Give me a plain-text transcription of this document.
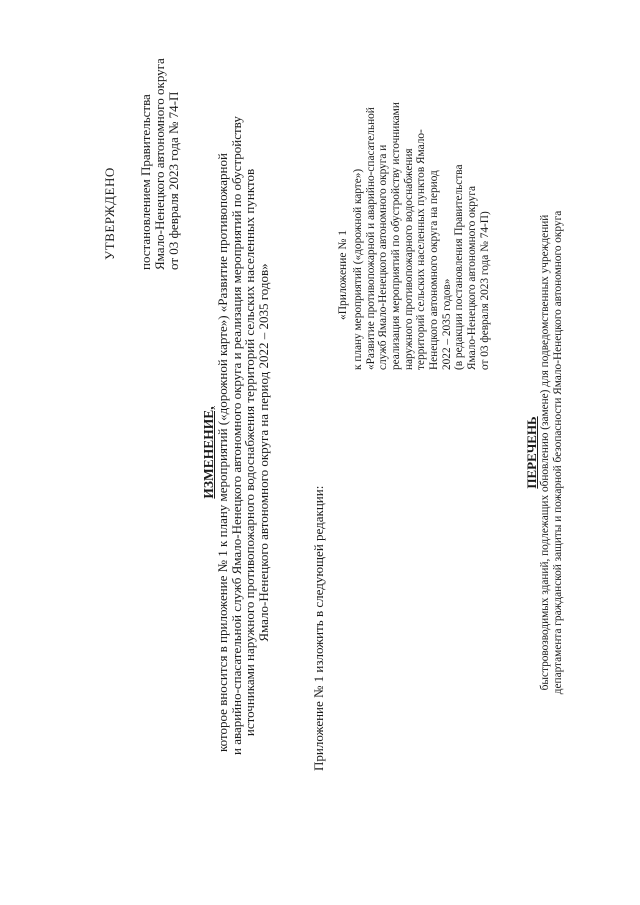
УТВЕРЖДЕНО постановлением Правительства Ямало-Ненецкого автономного округа от 03 февраля 2023 года № 74-П
ИЗМЕНЕНИЕ, которое вносится в приложение № 1 к плану мероприятий («дорожной карте») «Развитие противопожарной
и аварийно-спасательной служб Ямало-Ненецкого автономного округа и реализация мероприятий по обустройству
источниками наружного противопожарного водоснабжения территорий сельских населенных пунктов
Ямало-Ненецкого автономного округа на период 2022 – 2035 годов»	Приложение № 1 изложить в следующей редакции:
«Приложение № 1 к плану мероприятий («дорожной карте») «Развитие противопожарной и аварийно-спасательной служб Ямало-Ненецкого автономного округа и реализация мероприятий по обустройству источниками наружного противопожарного водоснабжения территорий сельских населенных пунктов Ямало- Ненецкого автономного округа на период 2022 – 2035 годов» (в редакции постановления Правительства Ямало-Ненецкого автономного округа от 03 февраля 2023 года № 74-П)
ПЕРЕЧЕНЬ быстровозводимых зданий, подлежащих обновлению (замене) для подведомственных учреждений департамента гражданской защиты и пожарной безопасности Ямало-Ненецкого автономного округа
